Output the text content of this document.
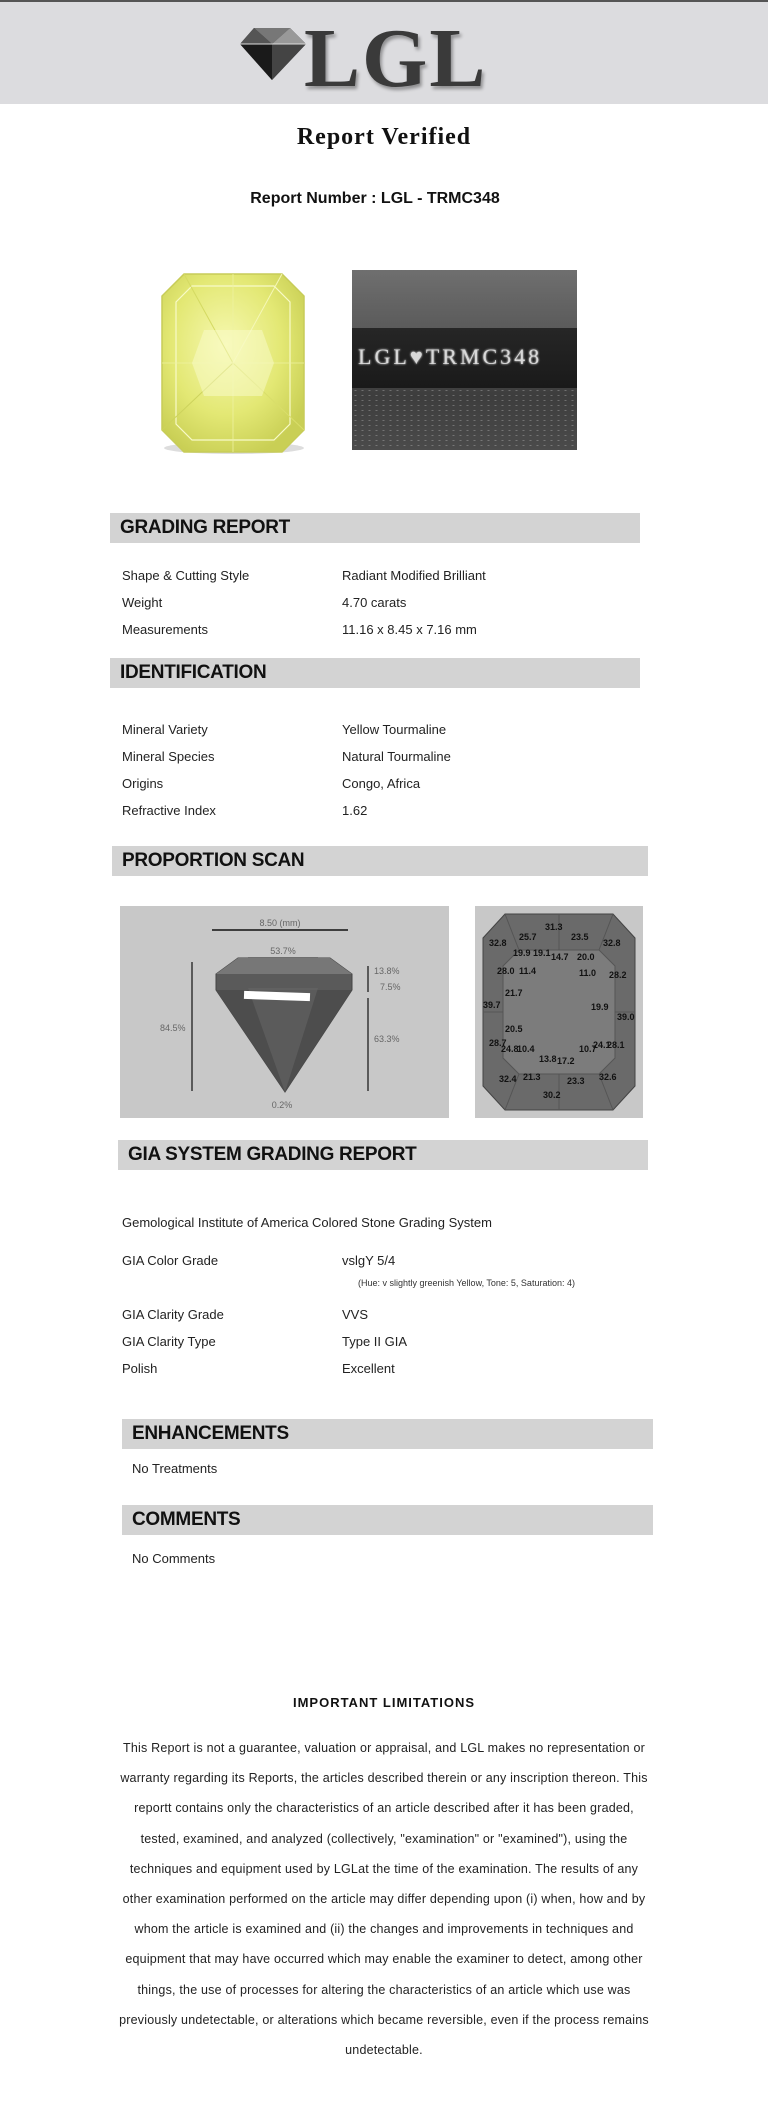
LGL
Report Verified
Report Number : LGL - TRMC348
LGL♥TRMC348
GRADING REPORT
Shape & Cutting Style	Radiant Modified Brilliant
Weight	4.70 carats
Measurements	11.16 x 8.45 x 7.16 mm
IDENTIFICATION
Mineral Variety	Yellow Tourmaline
Mineral Species	Natural Tourmaline
Origins	Congo, Africa
Refractive Index	1.62
PROPORTION SCAN
8.50 (mm)
53.7%
84.5%
13.8%
7.5%
63.3%
0.2%
31.3
25.7	23.5
32.8	32.8
19.9 19.1 14.7 20.0
28.0 11.4	11.0 28.2
21.7
39.7	19.9
39.0
20.5
28.7
24.8
10.4
13.8 17.2
10.7
24.1
28.1
32.4 21.3	23.3 32.6
30.2
GIA SYSTEM GRADING REPORT
Gemological Institute of America Colored Stone Grading System
GIA Color Grade	vslgY 5/4
(Hue: v slightly greenish Yellow, Tone: 5, Saturation: 4)
GIA Clarity Grade	VVS
GIA Clarity Type	Type II GIA
Polish	Excellent
ENHANCEMENTS
No Treatments
COMMENTS
No Comments
IMPORTANT LIMITATIONS
This Report is not a guarantee, valuation or appraisal, and LGL makes no representation or warranty regarding its Reports, the articles described therein or any inscription thereon. This reportt contains only the characteristics of an article described after it has been graded, tested, examined, and analyzed (collectively, "examination" or "examined"), using the techniques and equipment used by LGLat the time of the examination. The results of any other examination performed on the article may differ depending upon (i) when, how and by whom the article is examined and (ii) the changes and improvements in techniques and equipment that may have occurred which may enable the examiner to detect, among other things, the use of processes for altering the characteristics of an article which use was previously undetectable, or alterations which became reversible, even if the process remains undetectable.
